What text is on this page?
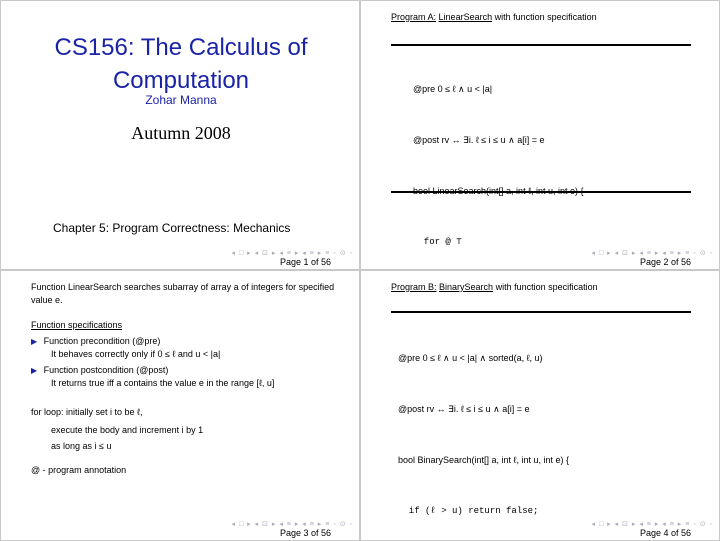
CS156: The Calculus of
Computation
Zohar Manna
Autumn 2008
Chapter 5: Program Correctness: Mechanics
◂ □ ▸ ◂ ⊡ ▸ ◂ ≡ ▸ ◂ ≡ ▸ ≡ ◦ ⊙ ◦
Page 1 of 56
Program A: LinearSearch with function specification

@pre 0 ≤ ℓ ∧ u < |a|

@post rv ↔ ∃i. ℓ ≤ i ≤ u ∧ a[i] = e

for @ ⊤

◂ □ ▸ ◂ ⊡ ▸ ◂ ≡ ▸ ◂ ≡ ▸ ≡ ◦ ⊙ ◦
Page 2 of 56
Function LinearSearch searches subarray of array a of integers for specified value e.
Function specifications
▶ Function precondition (@pre)
It behaves correctly only if 0 ≤ ℓ and u < |a|
▶ Function postcondition (@post)
It returns true iff a contains the value e in the range [ℓ, u]
for loop: initially set i to be ℓ,
execute the body and increment i by 1
as long as i ≤ u
@ - program annotation
◂ □ ▸ ◂ ⊡ ▸ ◂ ≡ ▸ ◂ ≡ ▸ ≡ ◦ ⊙ ◦
Page 3 of 56
Program B: BinarySearch with function specification

@pre 0 ≤ ℓ ∧ u < |a| ∧ sorted(a, ℓ, u)

@post rv ↔ ∃i. ℓ ≤ i ≤ u ∧ a[i] = e

bool BinarySearch(int[] a, int ℓ, int u, int e) {

if (ℓ > u) return false;

◂ □ ▸ ◂ ⊡ ▸ ◂ ≡ ▸ ◂ ≡ ▸ ≡ ◦ ⊙ ◦
Page 4 of 56
